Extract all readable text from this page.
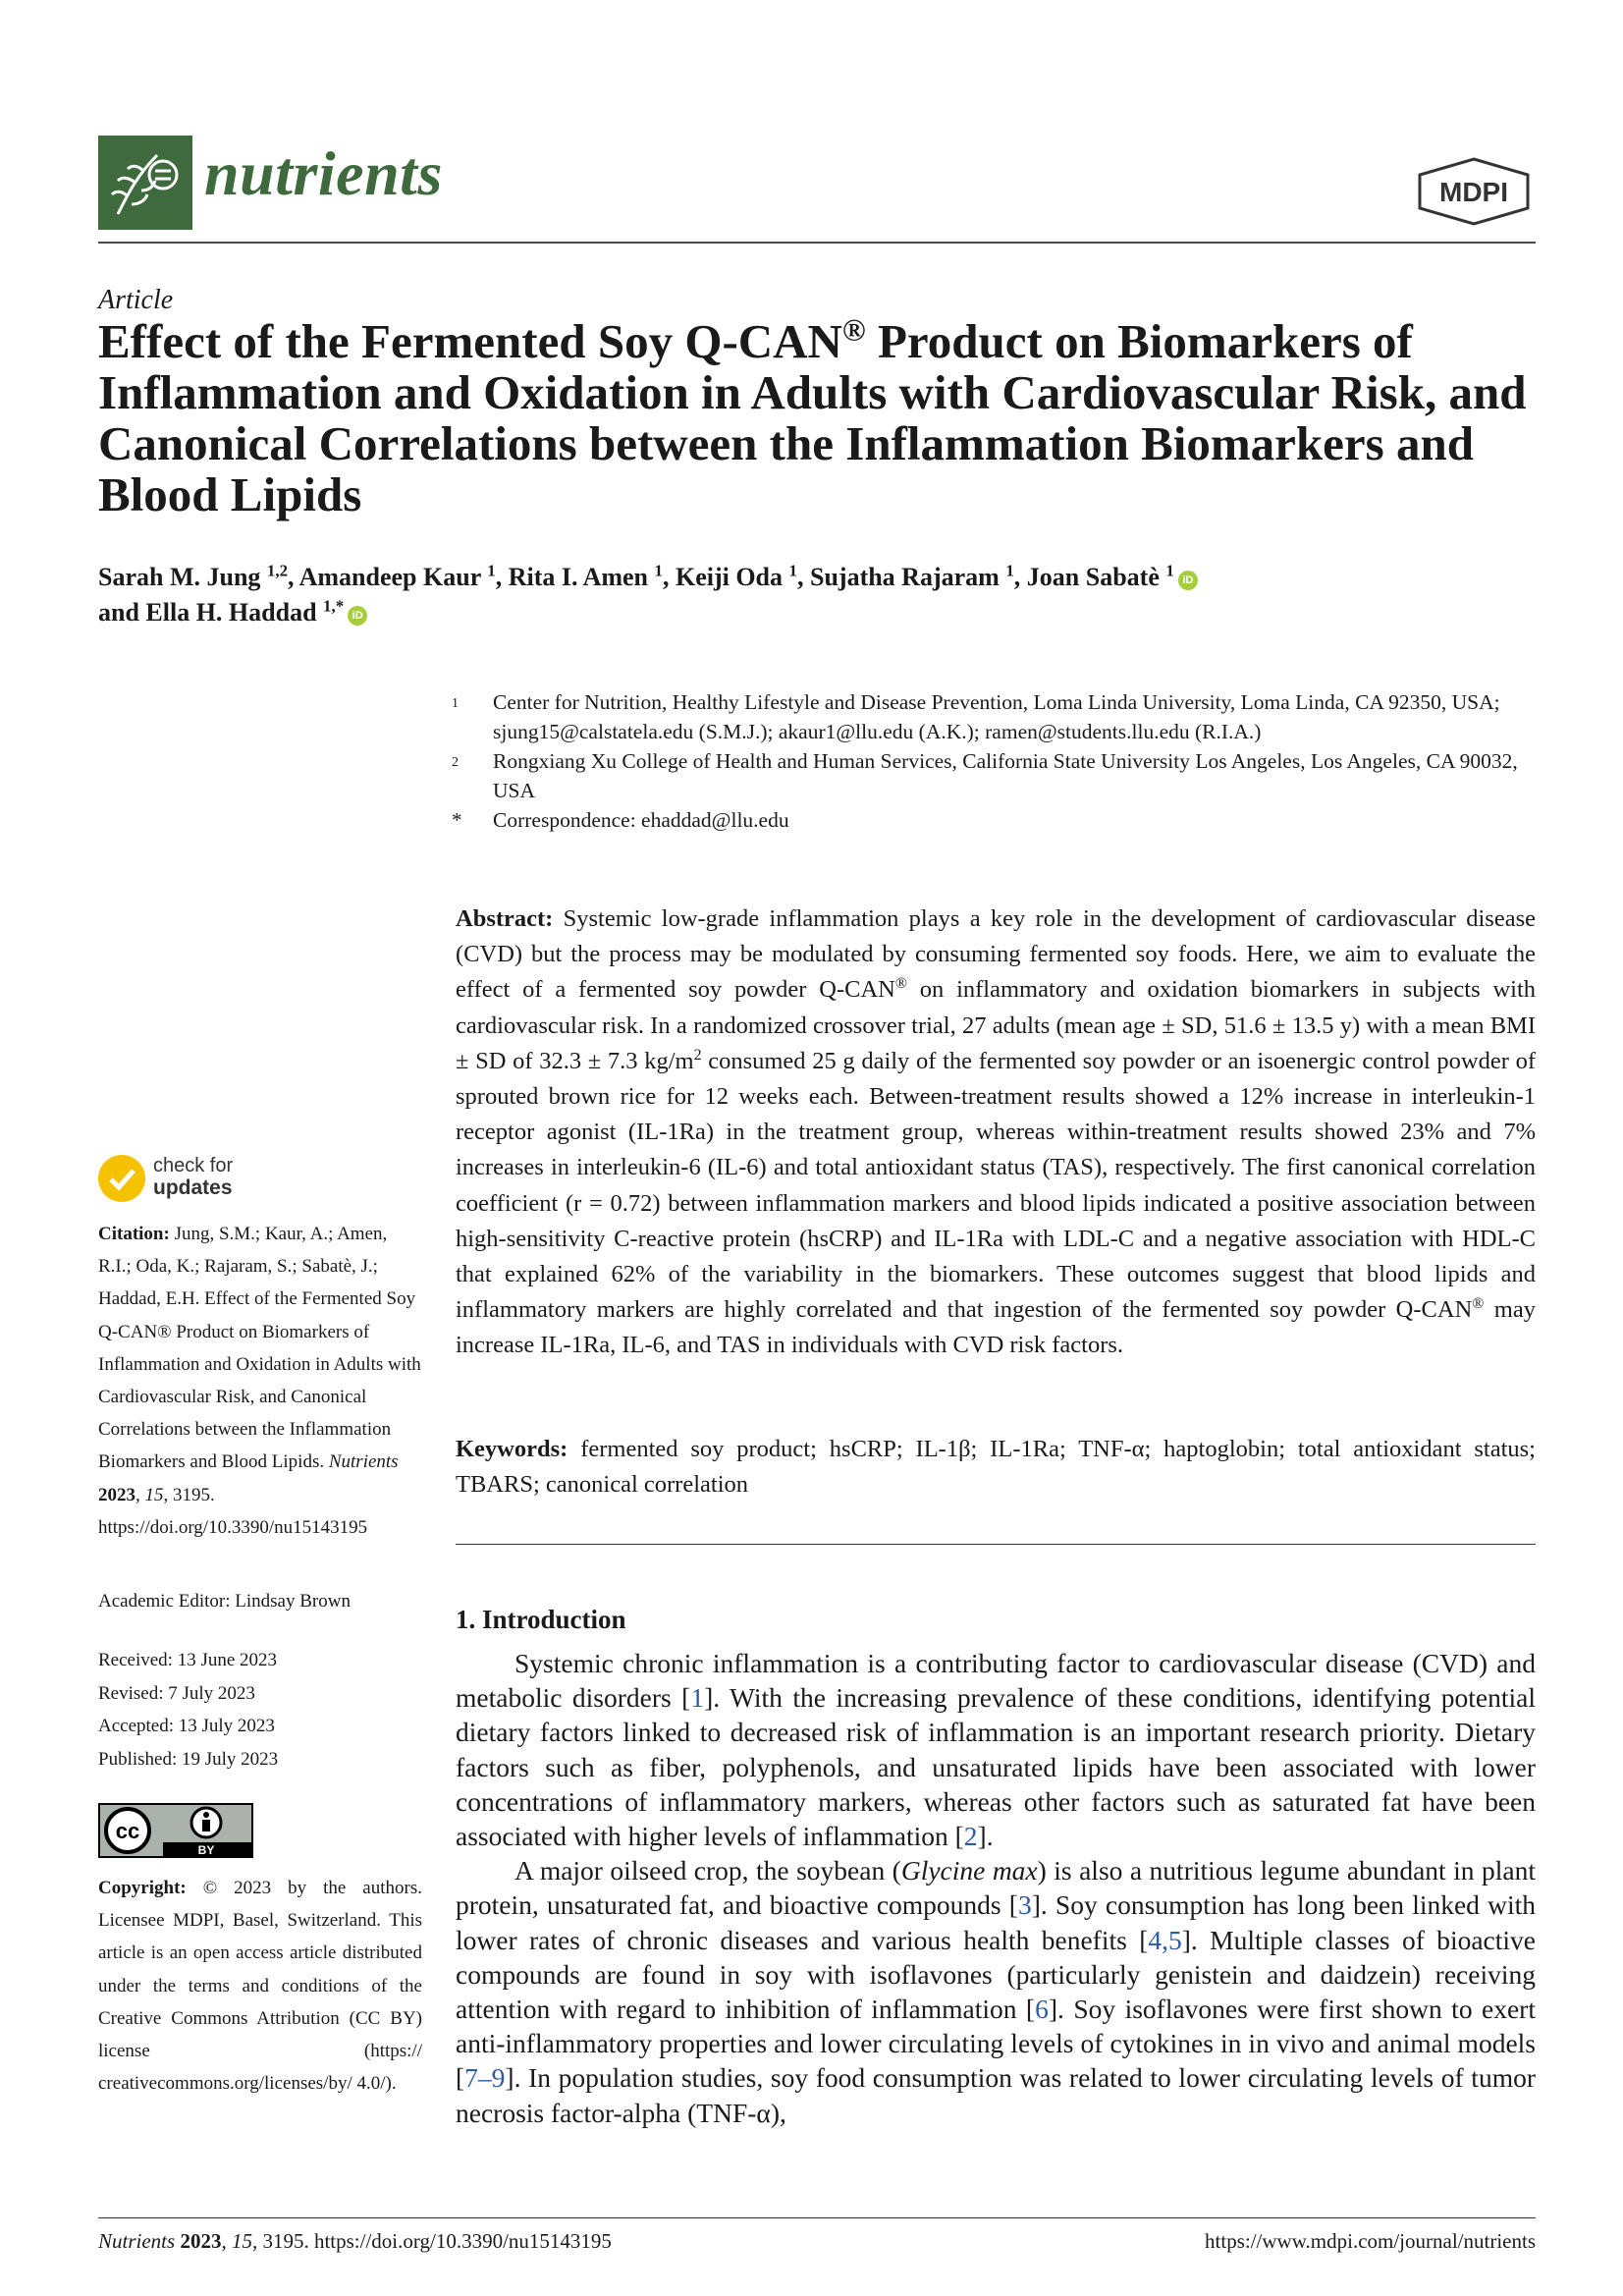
nutrients	MDPI
Article
Effect of the Fermented Soy Q-CAN® Product on Biomarkers of Inflammation and Oxidation in Adults with Cardiovascular Risk, and Canonical Correlations between the Inflammation Biomarkers and Blood Lipids
Sarah M. Jung $^{1,2}$, Amandeep Kaur $^1$, Rita I. Amen $^1$, Keiji Oda $^1$, Sujatha Rajaram $^1$, Joan Sabatè $^1$iD
and Ella H. Haddad $^{1,*}$iD
1	Center for Nutrition, Healthy Lifestyle and Disease Prevention, Loma Linda University, Loma Linda, CA 92350, USA; sjung15@calstatela.edu (S.M.J.); akaur1@llu.edu (A.K.); ramen@students.llu.edu (R.I.A.)
2	Rongxiang Xu College of Health and Human Services, California State University Los Angeles, Los Angeles, CA 90032, USA
*	Correspondence: ehaddad@llu.edu
Abstract: Systemic low-grade inflammation plays a key role in the development of cardiovascular disease (CVD) but the process may be modulated by consuming fermented soy foods. Here, we aim to evaluate the effect of a fermented soy powder Q-CAN® on inflammatory and oxidation biomarkers in subjects with cardiovascular risk. In a randomized crossover trial, 27 adults (mean age ± SD, 51.6 ± 13.5 y) with a mean BMI ± SD of 32.3 ± 7.3 $kg/m^2$ consumed 25 g daily of the fermented soy powder or an isoenergic control powder of sprouted brown rice for 12 weeks each. Between-treatment results showed a 12% increase in interleukin-1 receptor agonist (IL-1Ra) in the treatment group, whereas within-treatment results showed 23% and 7% increases in interleukin-6 (IL-6) and total antioxidant status (TAS), respectively. The first canonical correlation coefficient (r = 0.72) between inflammation markers and blood lipids indicated a positive association between high-sensitivity C-reactive protein (hsCRP) and IL-1Ra with LDL-C and a negative association with HDL-C that explained 62% of the variability in the biomarkers. These outcomes suggest that blood lipids and inflammatory markers are highly correlated and that ingestion of the fermented soy powder Q-CAN® may increase IL-1Ra, IL-6, and TAS in individuals with CVD risk factors.
Keywords: fermented soy product; hsCRP; IL-1β; IL-1Ra; TNF-α; haptoglobin; total antioxidant status; TBARS; canonical correlation
1. Introduction

Systemic chronic inflammation is a contributing factor to cardiovascular disease (CVD) and metabolic disorders [1]. With the increasing prevalence of these conditions, identifying potential dietary factors linked to decreased risk of inflammation is an important research priority. Dietary factors such as fiber, polyphenols, and unsaturated lipids have been associated with lower concentrations of inflammatory markers, whereas other factors such as saturated fat have been associated with higher levels of inflammation [2].

A major oilseed crop, the soybean (Glycine max) is also a nutritious legume abundant in plant protein, unsaturated fat, and bioactive compounds [3]. Soy consumption has long been linked with lower rates of chronic diseases and various health benefits [4,5]. Multiple classes of bioactive compounds are found in soy with isoflavones (particularly genistein and daidzein) receiving attention with regard to inhibition of inflammation [6]. Soy isoflavones were first shown to exert anti-inflammatory properties and lower circulating levels of cytokines in in vivo and animal models [7–9]. In population studies, soy food consumption was related to lower circulating levels of tumor necrosis factor-alpha (TNF-α),

check for
updates
Citation: Jung, S.M.; Kaur, A.; Amen, R.I.; Oda, K.; Rajaram, S.; Sabatè, J.; Haddad, E.H. Effect of the Fermented Soy Q-CAN® Product on Biomarkers of Inflammation and Oxidation in Adults with Cardiovascular Risk, and Canonical Correlations between the Inflammation Biomarkers and Blood Lipids. Nutrients 2023, 15, 3195. https://doi.org/10.3390/nu15143195
Academic Editor: Lindsay Brown
Received: 13 June 2023
Revised: 7 July 2023
Accepted: 13 July 2023
Published: 19 July 2023
cc
BY
Copyright: © 2023 by the authors. Licensee MDPI, Basel, Switzerland. This article is an open access article distributed under the terms and conditions of the Creative Commons Attribution (CC BY) license (https:// creativecommons.org/licenses/by/ 4.0/).
Nutrients 2023, 15, 3195. https://doi.org/10.3390/nu15143195	https://www.mdpi.com/journal/nutrients
